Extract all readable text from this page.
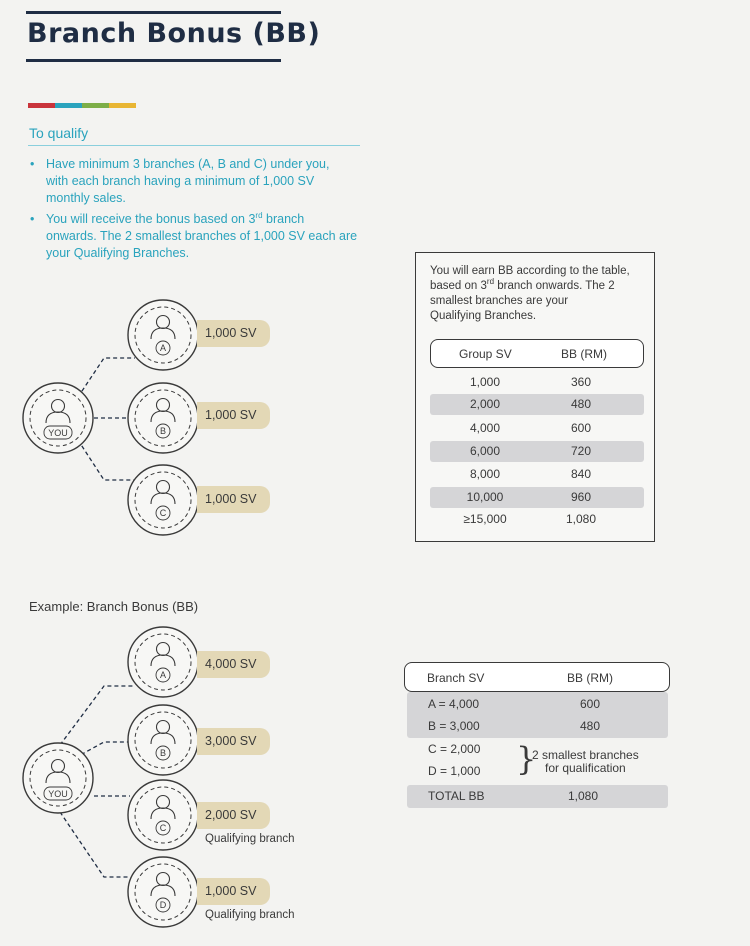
Branch Bonus (BB)
To qualify
• Have minimum 3 branches (A, B and C) under you,
with each branch having a minimum of 1,000 SV
monthly sales.
• You will receive the bonus based on 3rd branch
onwards. The 2 smallest branches of 1,000 SV each are
your Qualifying Branches.
YOU
A
B
C
YOU
A
B
C
D
1,000 SV
1,000 SV
1,000 SV
You will earn BB according to the table,
based on 3rd branch onwards. The 2
smallest branches are your
Qualifying Branches.
Group SV	BB (RM)
1,000	360
2,000	480
4,000	600
6,000	720
8,000	840
10,000	960
≥15,000	1,080
Example: Branch Bonus (BB)
4,000 SV
3,000 SV
2,000 SV
Qualifying branch
1,000 SV
Qualifying branch
Branch SV	BB (RM)
A = 4,000	600
B = 3,000	480
C = 2,000
D = 1,000 }
2 smallest branches
for qualification
TOTAL BB	1,080
